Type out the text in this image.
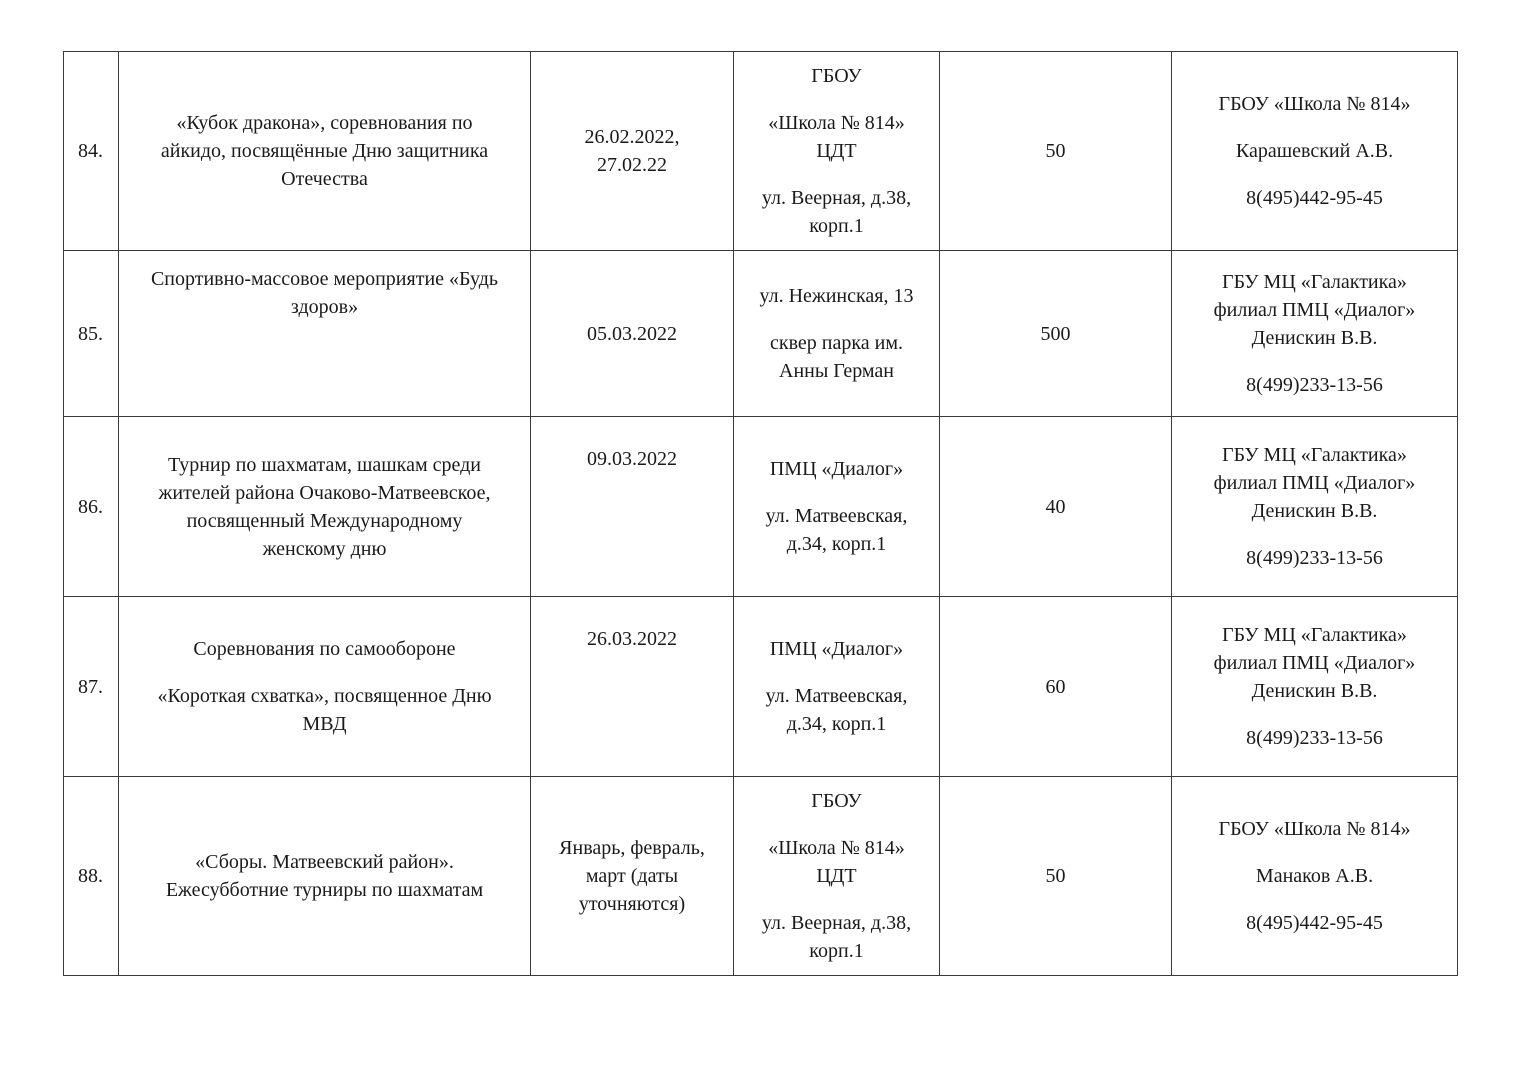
84.	«Кубок дракона», соревнования по
айкидо, посвящённые Дню защитника
Отечества	26.02.2022,
27.02.22	ГБОУ
«Школа № 814»
ЦДТ
ул. Веерная, д.38,
корп.1	50	ГБОУ «Школа № 814»
Карашевский А.В.
8(495)442-95-45

85.	Спортивно-массовое мероприятие «Будь
здоров»	05.03.2022	ул. Нежинская, 13
сквер парка им.
Анны Герман	500	ГБУ МЦ «Галактика»
филиал ПМЦ «Диалог»
Денискин В.В.
8(499)233-13-56

86.	Турнир по шахматам, шашкам среди
жителей района Очаково-Матвеевское,
посвященный Международному
женскому дню	09.03.2022	ПМЦ «Диалог»
ул. Матвеевская,
д.34, корп.1	40	ГБУ МЦ «Галактика»
филиал ПМЦ «Диалог»
Денискин В.В.
8(499)233-13-56

87.	Соревнования по самообороне
«Короткая схватка», посвященное Дню
МВД	26.03.2022	ПМЦ «Диалог»
ул. Матвеевская,
д.34, корп.1	60	ГБУ МЦ «Галактика»
филиал ПМЦ «Диалог»
Денискин В.В.
8(499)233-13-56

88.	«Сборы. Матвеевский район».
Ежесубботние турниры по шахматам	Январь, февраль,
март (даты
уточняются)	ГБОУ
«Школа № 814»
ЦДТ
ул. Веерная, д.38,
корп.1	50	ГБОУ «Школа № 814»
Манаков А.В.
8(495)442-95-45
